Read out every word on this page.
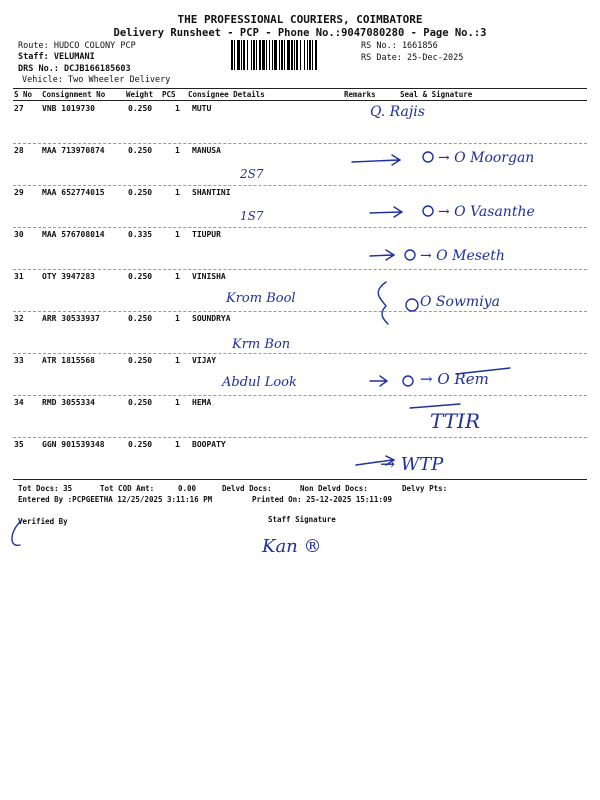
THE PROFESSIONAL COURIERS, COIMBATORE
Delivery Runsheet - PCP - Phone No.:9047080280 - Page No.:3
Route: HUDCO COLONY PCP
Staff: VELUMANI
DRS No.: DCJB166185603
Vehicle: Two Wheeler Delivery
RS No.: 1661856
RS Date: 25-Dec-2025
S No Consignment No	Weight PCS Consignee Details	Remarks	Seal & Signature
27 VNB 1019730	0.250	1 MUTU
28 MAA 713970874	0.250	1 MANUSA
29 MAA 652774015	0.250	1 SHANTINI
30 MAA 576708014	0.335	1 TIUPUR
31 OTY 3947283	0.250	1 VINISHA
32 ARR 30533937	0.250	1 SOUNDRYA
33 ATR 1815568	0.250	1 VIJAY
34 RMD 3055334	0.250	1 HEMA
35 GGN 901539348	0.250	1 BOOPATY
Tot Docs: 35	Tot COD Amt:	0.00	Delvd Docs:	Non Delvd Docs:	Delvy Pts:
Entered By :PCPGEETHA 12/25/2025 3:11:16 PM	Printed On: 25-12-2025 15:11:09
Verified By	Staff Signature
Q. Rajis
2S7
→ O Moorgan
1S7	→ O Vasanthe
→ O Meseth
Krom Bool	O Sowmiya
Krm Bon
Abdul Look	→ O Rem
TTIR
→ WTP
Kan ®
